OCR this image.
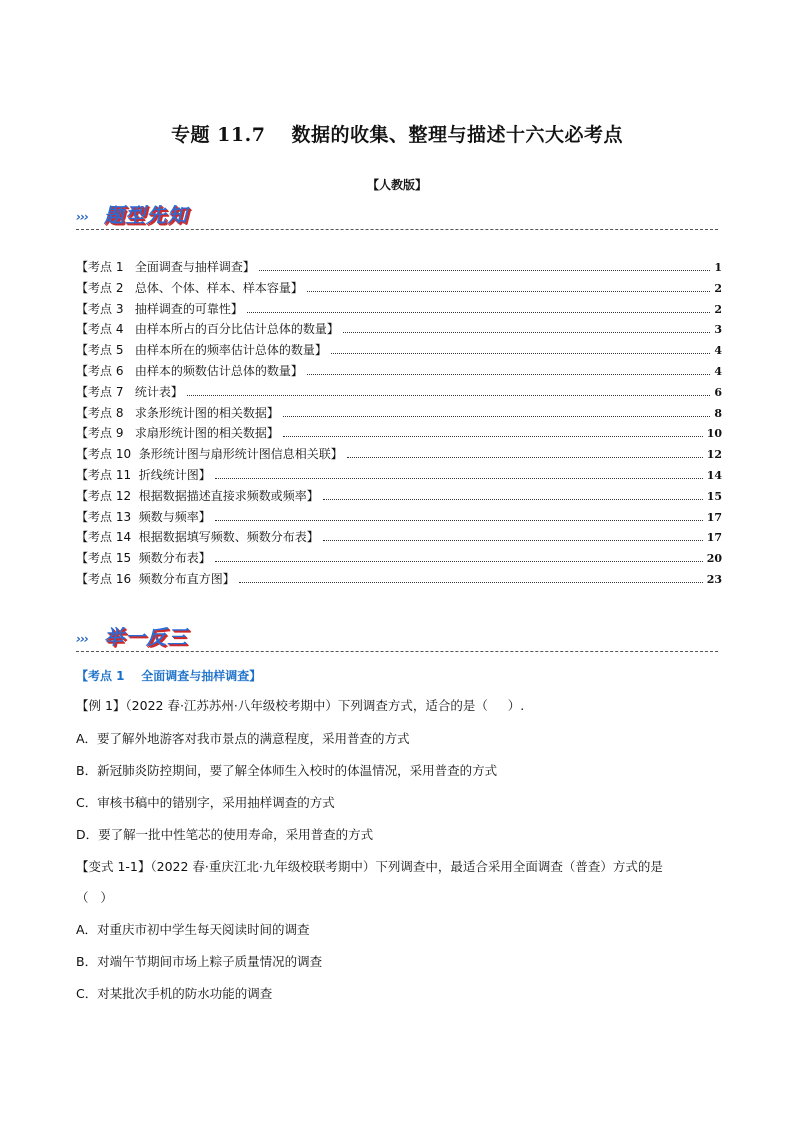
专题 11.7 数据的收集、整理与描述十六大必考点
【人教版】
››› 题型先知
【考点 1   全面调查与抽样调查】	1
【考点 2   总体、个体、样本、样本容量】	2
【考点 3   抽样调查的可靠性】	2
【考点 4   由样本所占的百分比估计总体的数量】	3
【考点 5   由样本所在的频率估计总体的数量】	4
【考点 6   由样本的频数估计总体的数量】	4
【考点 7   统计表】	6
【考点 8   求条形统计图的相关数据】	8
【考点 9   求扇形统计图的相关数据】	10
【考点 10  条形统计图与扇形统计图信息相关联】	12
【考点 11  折线统计图】	14
【考点 12  根据数据描述直接求频数或频率】	15
【考点 13  频数与频率】	17
【考点 14  根据数据填写频数、频数分布表】	17
【考点 15  频数分布表】	20
【考点 16  频数分布直方图】	23
››› 举一反三
【考点 1    全面调查与抽样调查】
【例 1】（2022 春·江苏苏州·八年级校考期中）下列调查方式，适合的是（     ）.
A．要了解外地游客对我市景点的满意程度，采用普查的方式
B．新冠肺炎防控期间，要了解全体师生入校时的体温情况，采用普查的方式
C．审核书稿中的错别字，采用抽样调查的方式
D．要了解一批中性笔芯的使用寿命，采用普查的方式
【变式 1-1】（2022 春·重庆江北·九年级校联考期中）下列调查中，最适合采用全面调查（普查）方式的是
（   ）
A．对重庆市初中学生每天阅读时间的调查
B．对端午节期间市场上粽子质量情况的调查
C．对某批次手机的防水功能的调查
